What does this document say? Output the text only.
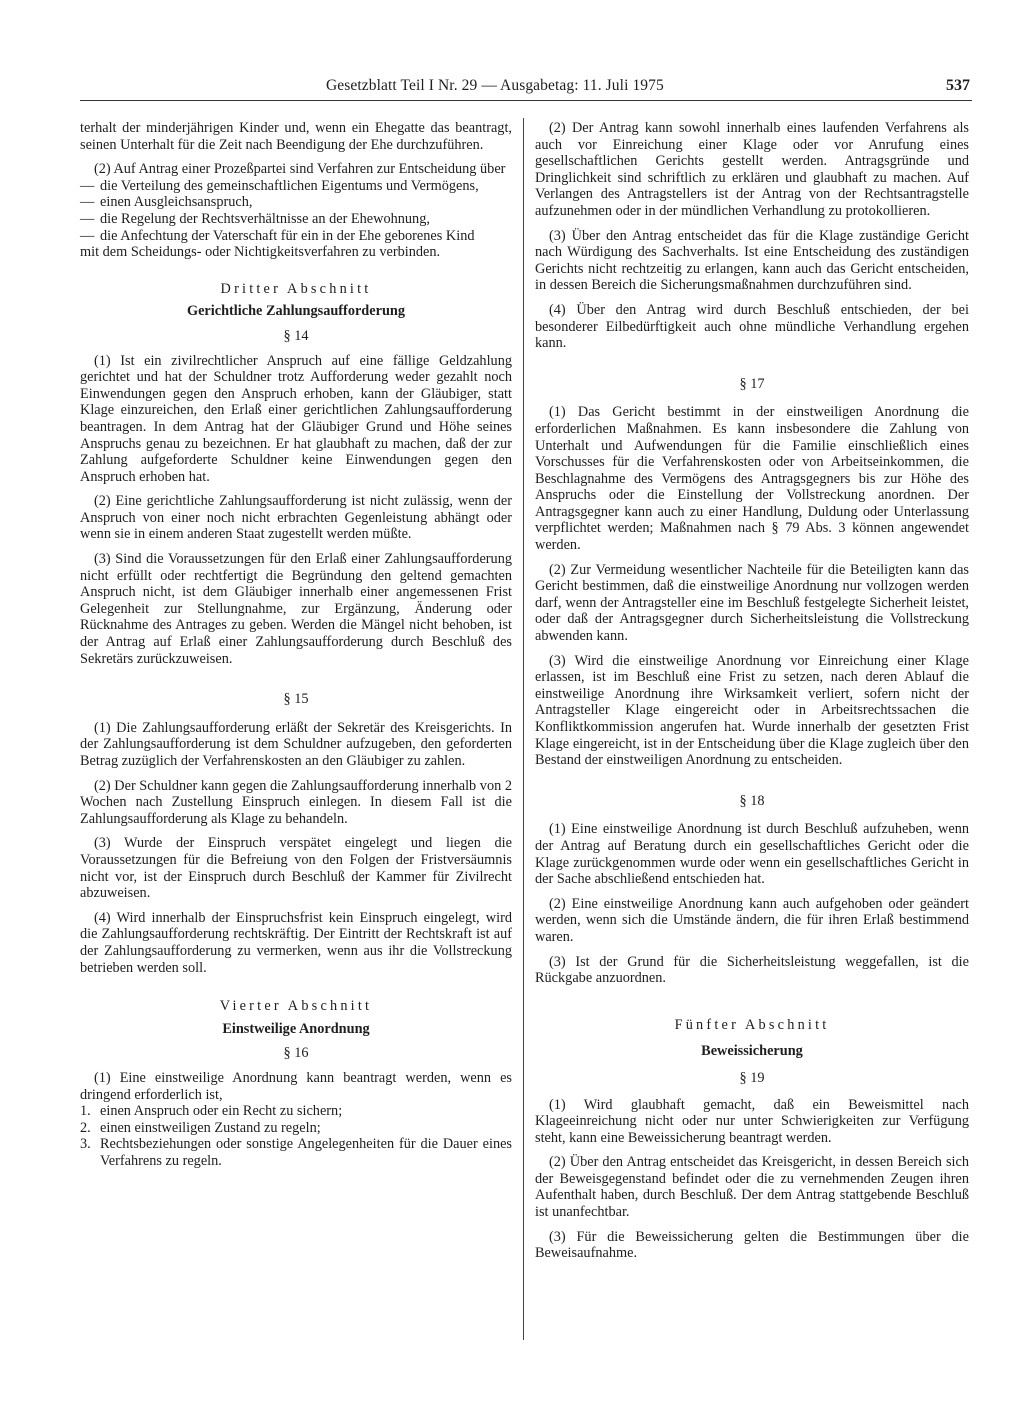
Gesetzblatt Teil I Nr. 29 — Ausgabetag: 11. Juli 1975	537

terhalt der minderjährigen Kinder und, wenn ein Ehegatte das beantragt, seinen Unterhalt für die Zeit nach Beendigung der Ehe durchzuführen.

(2) Auf Antrag einer Prozeßpartei sind Verfahren zur Entscheidung über

— die Verteilung des gemeinschaftlichen Eigentums und Vermögens,
— einen Ausgleichsanspruch,
— die Regelung der Rechtsverhältnisse an der Ehewohnung,
— die Anfechtung der Vaterschaft für ein in der Ehe geborenes Kind

mit dem Scheidungs- oder Nichtigkeitsverfahren zu verbinden.

Dritter Abschnitt

Gerichtliche Zahlungsaufforderung

§ 14

(1) Ist ein zivilrechtlicher Anspruch auf eine fällige Geldzahlung gerichtet und hat der Schuldner trotz Aufforderung weder gezahlt noch Einwendungen gegen den Anspruch erhoben, kann der Gläubiger, statt Klage einzureichen, den Erlaß einer gerichtlichen Zahlungsaufforderung beantragen. In dem Antrag hat der Gläubiger Grund und Höhe seines Anspruchs genau zu bezeichnen. Er hat glaubhaft zu machen, daß der zur Zahlung aufgeforderte Schuldner keine Einwendungen gegen den Anspruch erhoben hat.

(2) Eine gerichtliche Zahlungsaufforderung ist nicht zulässig, wenn der Anspruch von einer noch nicht erbrachten Gegenleistung abhängt oder wenn sie in einem anderen Staat zugestellt werden müßte.

(3) Sind die Voraussetzungen für den Erlaß einer Zahlungsaufforderung nicht erfüllt oder rechtfertigt die Begründung den geltend gemachten Anspruch nicht, ist dem Gläubiger innerhalb einer angemessenen Frist Gelegenheit zur Stellungnahme, zur Ergänzung, Änderung oder Rücknahme des Antrages zu geben. Werden die Mängel nicht behoben, ist der Antrag auf Erlaß einer Zahlungsaufforderung durch Beschluß des Sekretärs zurückzuweisen.

§ 15

(1) Die Zahlungsaufforderung erläßt der Sekretär des Kreisgerichts. In der Zahlungsaufforderung ist dem Schuldner aufzugeben, den geforderten Betrag zuzüglich der Verfahrenskosten an den Gläubiger zu zahlen.

(2) Der Schuldner kann gegen die Zahlungsaufforderung innerhalb von 2 Wochen nach Zustellung Einspruch einlegen. In diesem Fall ist die Zahlungsaufforderung als Klage zu behandeln.

(3) Wurde der Einspruch verspätet eingelegt und liegen die Voraussetzungen für die Befreiung von den Folgen der Fristversäumnis nicht vor, ist der Einspruch durch Beschluß der Kammer für Zivilrecht abzuweisen.

(4) Wird innerhalb der Einspruchsfrist kein Einspruch eingelegt, wird die Zahlungsaufforderung rechtskräftig. Der Eintritt der Rechtskraft ist auf der Zahlungsaufforderung zu vermerken, wenn aus ihr die Vollstreckung betrieben werden soll.

Vierter Abschnitt

Einstweilige Anordnung

§ 16

(1) Eine einstweilige Anordnung kann beantragt werden, wenn es dringend erforderlich ist,

1. einen Anspruch oder ein Recht zu sichern;
2. einen einstweiligen Zustand zu regeln;
3. Rechtsbeziehungen oder sonstige Angelegenheiten für die Dauer eines Verfahrens zu regeln.

(2) Der Antrag kann sowohl innerhalb eines laufenden Verfahrens als auch vor Einreichung einer Klage oder vor Anrufung eines gesellschaftlichen Gerichts gestellt werden. Antragsgründe und Dringlichkeit sind schriftlich zu erklären und glaubhaft zu machen. Auf Verlangen des Antragstellers ist der Antrag von der Rechtsantragstelle aufzunehmen oder in der mündlichen Verhandlung zu protokollieren.

(3) Über den Antrag entscheidet das für die Klage zuständige Gericht nach Würdigung des Sachverhalts. Ist eine Entscheidung des zuständigen Gerichts nicht rechtzeitig zu erlangen, kann auch das Gericht entscheiden, in dessen Bereich die Sicherungsmaßnahmen durchzuführen sind.

(4) Über den Antrag wird durch Beschluß entschieden, der bei besonderer Eilbedürftigkeit auch ohne mündliche Verhandlung ergehen kann.

§ 17

(1) Das Gericht bestimmt in der einstweiligen Anordnung die erforderlichen Maßnahmen. Es kann insbesondere die Zahlung von Unterhalt und Aufwendungen für die Familie einschließlich eines Vorschusses für die Verfahrenskosten oder von Arbeitseinkommen, die Beschlagnahme des Vermögens des Antragsgegners bis zur Höhe des Anspruchs oder die Einstellung der Vollstreckung anordnen. Der Antragsgegner kann auch zu einer Handlung, Duldung oder Unterlassung verpflichtet werden; Maßnahmen nach § 79 Abs. 3 können angewendet werden.

(2) Zur Vermeidung wesentlicher Nachteile für die Beteiligten kann das Gericht bestimmen, daß die einstweilige Anordnung nur vollzogen werden darf, wenn der Antragsteller eine im Beschluß festgelegte Sicherheit leistet, oder daß der Antragsgegner durch Sicherheitsleistung die Vollstreckung abwenden kann.

(3) Wird die einstweilige Anordnung vor Einreichung einer Klage erlassen, ist im Beschluß eine Frist zu setzen, nach deren Ablauf die einstweilige Anordnung ihre Wirksamkeit verliert, sofern nicht der Antragsteller Klage eingereicht oder in Arbeitsrechtssachen die Konfliktkommission angerufen hat. Wurde innerhalb der gesetzten Frist Klage eingereicht, ist in der Entscheidung über die Klage zugleich über den Bestand der einstweiligen Anordnung zu entscheiden.

§ 18

(1) Eine einstweilige Anordnung ist durch Beschluß aufzuheben, wenn der Antrag auf Beratung durch ein gesellschaftliches Gericht oder die Klage zurückgenommen wurde oder wenn ein gesellschaftliches Gericht in der Sache abschließend entschieden hat.

(2) Eine einstweilige Anordnung kann auch aufgehoben oder geändert werden, wenn sich die Umstände ändern, die für ihren Erlaß bestimmend waren.

(3) Ist der Grund für die Sicherheitsleistung weggefallen, ist die Rückgabe anzuordnen.

Fünfter Abschnitt

Beweissicherung

§ 19

(1) Wird glaubhaft gemacht, daß ein Beweismittel nach Klageeinreichung nicht oder nur unter Schwierigkeiten zur Verfügung steht, kann eine Beweissicherung beantragt werden.

(2) Über den Antrag entscheidet das Kreisgericht, in dessen Bereich sich der Beweisgegenstand befindet oder die zu vernehmenden Zeugen ihren Aufenthalt haben, durch Beschluß. Der dem Antrag stattgebende Beschluß ist unanfechtbar.

(3) Für die Beweissicherung gelten die Bestimmungen über die Beweisaufnahme.
